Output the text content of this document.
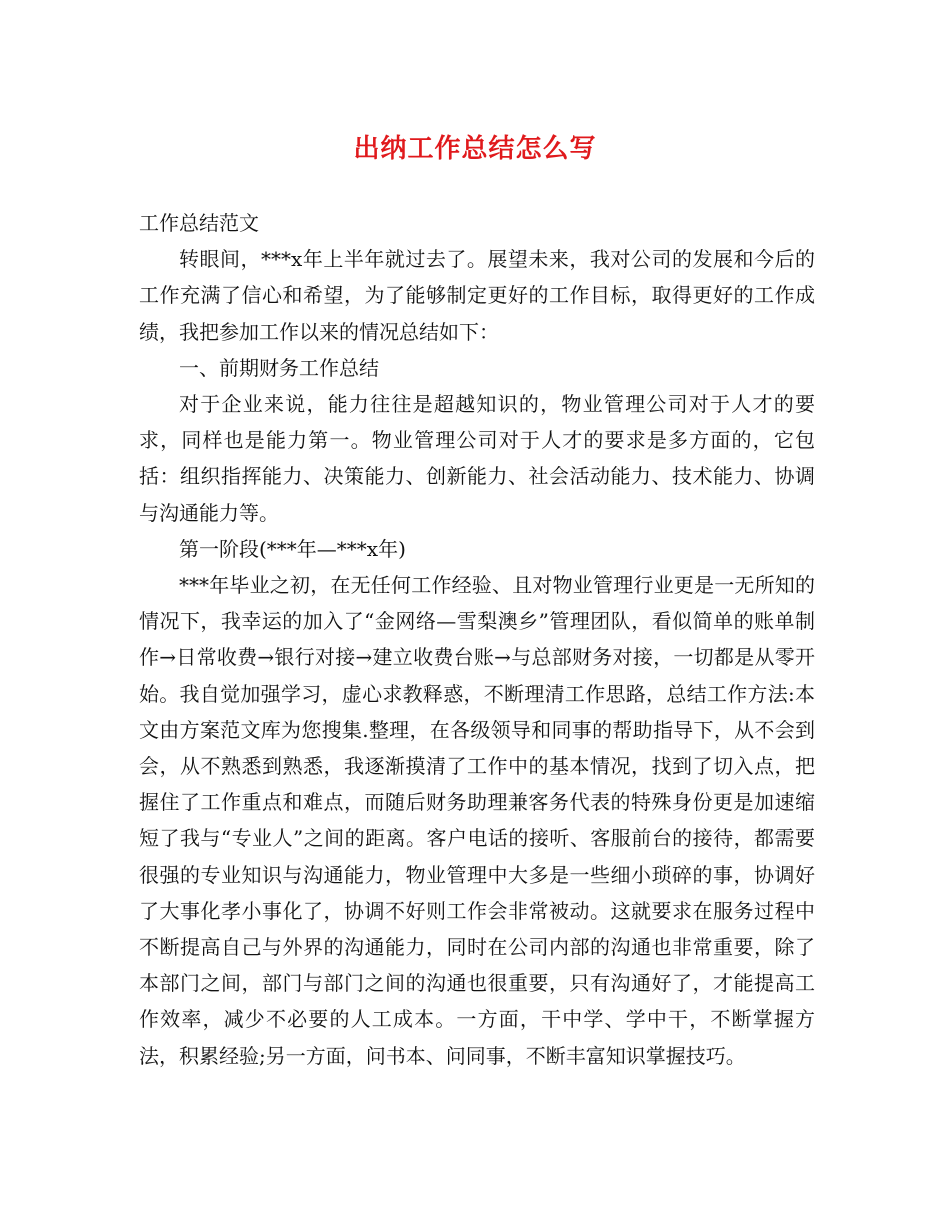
出纳工作总结怎么写

工作总结范文

转眼间，***x年上半年就过去了。展望未来，我对公司的发展和今后的工作充满了信心和希望，为了能够制定更好的工作目标，取得更好的工作成绩，我把参加工作以来的情况总结如下：

一、前期财务工作总结

对于企业来说，能力往往是超越知识的，物业管理公司对于人才的要求，同样也是能力第一。物业管理公司对于人才的要求是多方面的，它包括：组织指挥能力、决策能力、创新能力、社会活动能力、技术能力、协调与沟通能力等。

第一阶段(***年—***x年)

***年毕业之初，在无任何工作经验、且对物业管理行业更是一无所知的情况下，我幸运的加入了“金网络—雪梨澳乡”管理团队，看似简单的账单制作→日常收费→银行对接→建立收费台账→与总部财务对接，一切都是从零开始。我自觉加强学习，虚心求教释惑，不断理清工作思路，总结工作方法:本文由方案范文库为您搜集.整理，在各级领导和同事的帮助指导下，从不会到会，从不熟悉到熟悉，我逐渐摸清了工作中的基本情况，找到了切入点，把握住了工作重点和难点，而随后财务助理兼客务代表的特殊身份更是加速缩短了我与“专业人”之间的距离。客户电话的接听、客服前台的接待，都需要很强的专业知识与沟通能力，物业管理中大多是一些细小琐碎的事，协调好了大事化孝小事化了，协调不好则工作会非常被动。这就要求在服务过程中不断提高自己与外界的沟通能力，同时在公司内部的沟通也非常重要，除了本部门之间，部门与部门之间的沟通也很重要，只有沟通好了，才能提高工作效率，减少不必要的人工成本。一方面，干中学、学中干，不断掌握方法，积累经验;另一方面，问书本、问同事，不断丰富知识掌握技巧。
